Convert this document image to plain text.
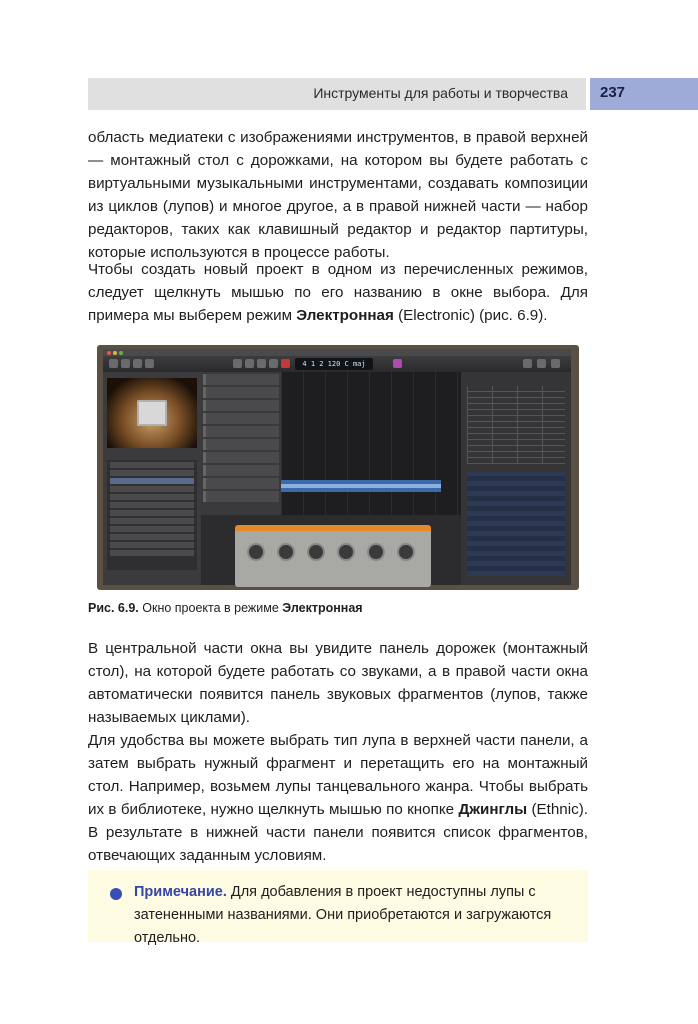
Инструменты для работы и творчества 237

область медиатеки с изображениями инструментов, в правой верхней — монтажный стол с дорожками, на котором вы будете работать с виртуальными музыкальными инструментами, создавать композиции из циклов (лупов) и многое другое, а в правой нижней части — набор редакторов, таких как клавишный редактор и редактор партитуры, которые используются в процессе работы.

Чтобы создать новый проект в одном из перечисленных режимов, следует щелкнуть мышью по его названию в окне выбора. Для примера мы выберем режим Электронная (Electronic) (рис. 6.9).

4 1 2 120 C maj
Рис. 6.9. Окно проекта в режиме Электронная

В центральной части окна вы увидите панель дорожек (монтажный стол), на которой будете работать со звуками, а в правой части окна автоматически появится панель звуковых фрагментов (лупов, также называемых циклами).

Для удобства вы можете выбрать тип лупа в верхней части панели, а затем выбрать нужный фрагмент и перетащить его на монтажный стол. Например, возьмем лупы танцевального жанра. Чтобы выбрать их в библиотеке, нужно щелкнуть мышью по кнопке Джинглы (Ethnic). В результате в нижней части панели появится список фрагментов, отвечающих заданным условиям.

Примечание. Для добавления в проект недоступны лупы с затененными названиями. Они приобретаются и загружаются отдельно.
